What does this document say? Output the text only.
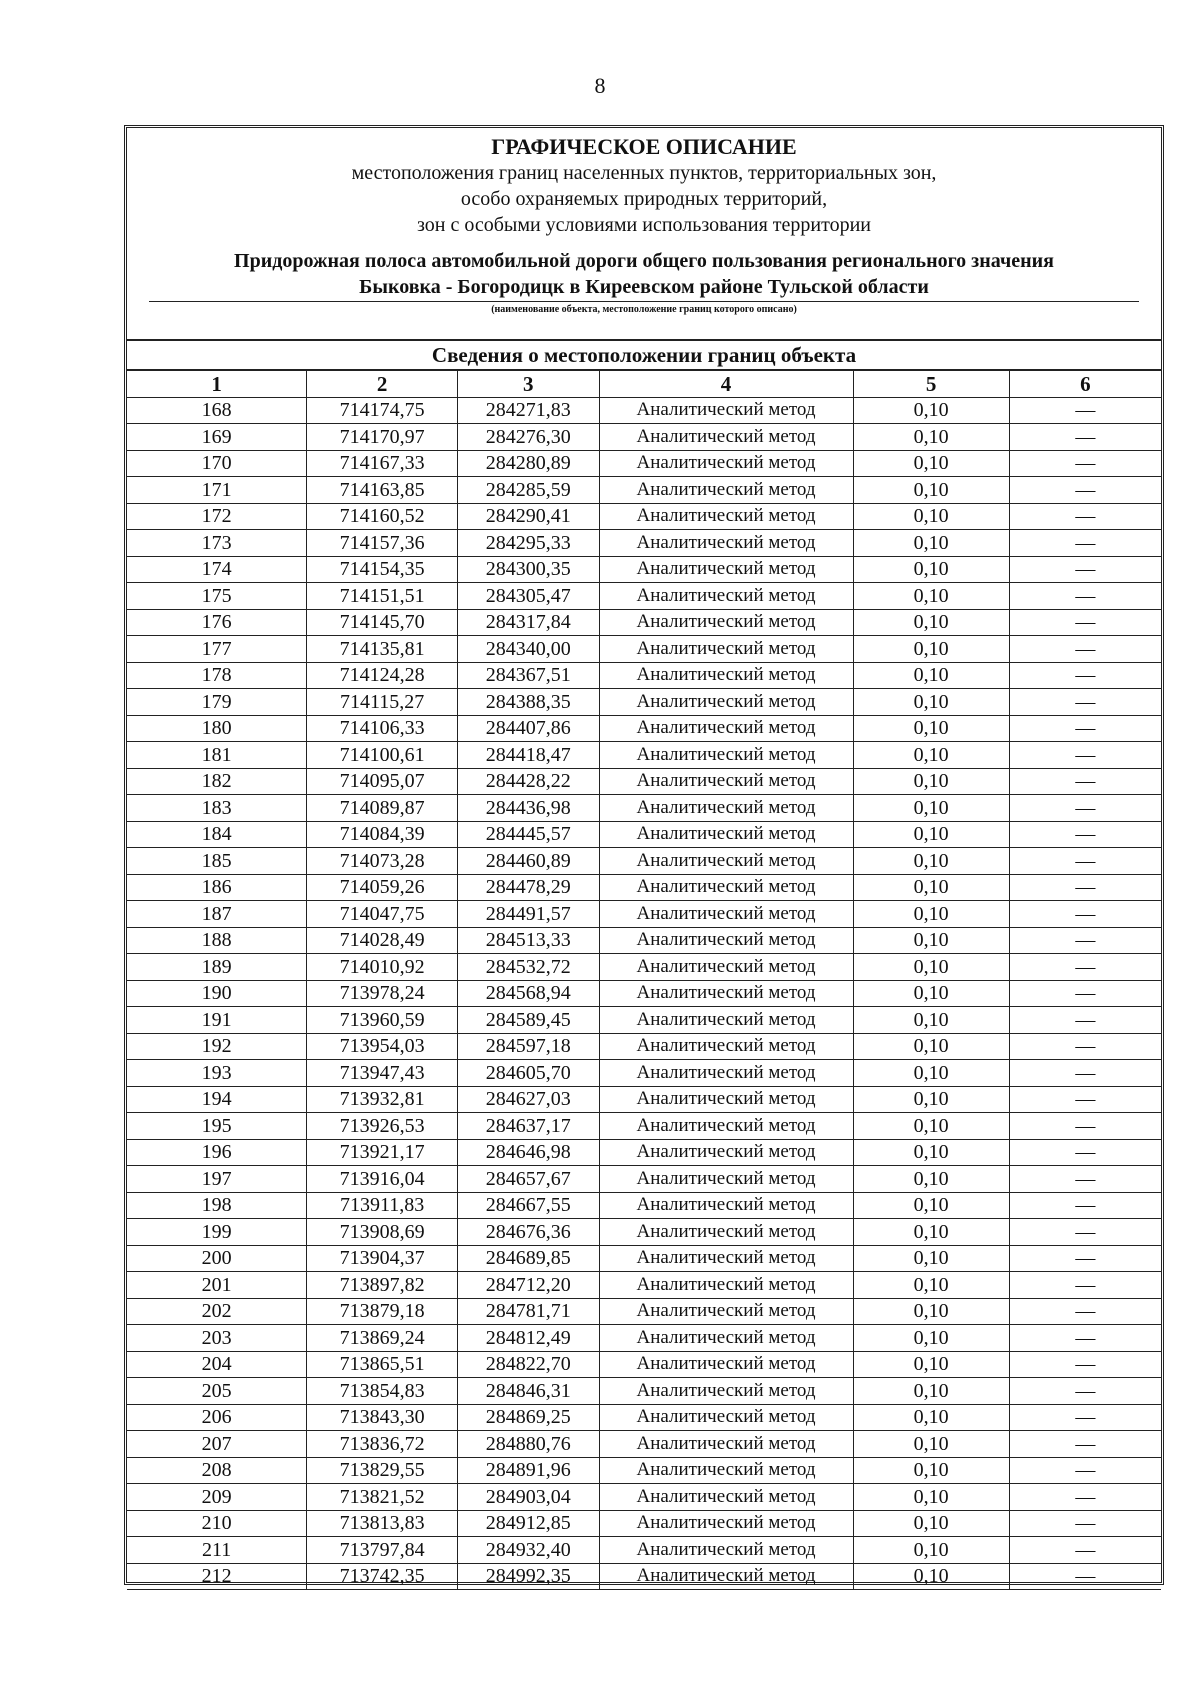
8
ГРАФИЧЕСКОЕ ОПИСАНИЕ
местоположения границ населенных пунктов, территориальных зон,
особо охраняемых природных территорий,
зон с особыми условиями использования территории
Придорожная полоса автомобильной дороги общего пользования регионального значения
Быковка - Богородицк в Киреевском районе Тульской области
(наименование объекта, местоположение границ которого описано)
Сведения о местоположении границ объекта
1	2	3	4	5	6
168	714174,75	284271,83	Аналитический метод	0,10	—
169	714170,97	284276,30	Аналитический метод	0,10	—
170	714167,33	284280,89	Аналитический метод	0,10	—
171	714163,85	284285,59	Аналитический метод	0,10	—
172	714160,52	284290,41	Аналитический метод	0,10	—
173	714157,36	284295,33	Аналитический метод	0,10	—
174	714154,35	284300,35	Аналитический метод	0,10	—
175	714151,51	284305,47	Аналитический метод	0,10	—
176	714145,70	284317,84	Аналитический метод	0,10	—
177	714135,81	284340,00	Аналитический метод	0,10	—
178	714124,28	284367,51	Аналитический метод	0,10	—
179	714115,27	284388,35	Аналитический метод	0,10	—
180	714106,33	284407,86	Аналитический метод	0,10	—
181	714100,61	284418,47	Аналитический метод	0,10	—
182	714095,07	284428,22	Аналитический метод	0,10	—
183	714089,87	284436,98	Аналитический метод	0,10	—
184	714084,39	284445,57	Аналитический метод	0,10	—
185	714073,28	284460,89	Аналитический метод	0,10	—
186	714059,26	284478,29	Аналитический метод	0,10	—
187	714047,75	284491,57	Аналитический метод	0,10	—
188	714028,49	284513,33	Аналитический метод	0,10	—
189	714010,92	284532,72	Аналитический метод	0,10	—
190	713978,24	284568,94	Аналитический метод	0,10	—
191	713960,59	284589,45	Аналитический метод	0,10	—
192	713954,03	284597,18	Аналитический метод	0,10	—
193	713947,43	284605,70	Аналитический метод	0,10	—
194	713932,81	284627,03	Аналитический метод	0,10	—
195	713926,53	284637,17	Аналитический метод	0,10	—
196	713921,17	284646,98	Аналитический метод	0,10	—
197	713916,04	284657,67	Аналитический метод	0,10	—
198	713911,83	284667,55	Аналитический метод	0,10	—
199	713908,69	284676,36	Аналитический метод	0,10	—
200	713904,37	284689,85	Аналитический метод	0,10	—
201	713897,82	284712,20	Аналитический метод	0,10	—
202	713879,18	284781,71	Аналитический метод	0,10	—
203	713869,24	284812,49	Аналитический метод	0,10	—
204	713865,51	284822,70	Аналитический метод	0,10	—
205	713854,83	284846,31	Аналитический метод	0,10	—
206	713843,30	284869,25	Аналитический метод	0,10	—
207	713836,72	284880,76	Аналитический метод	0,10	—
208	713829,55	284891,96	Аналитический метод	0,10	—
209	713821,52	284903,04	Аналитический метод	0,10	—
210	713813,83	284912,85	Аналитический метод	0,10	—
211	713797,84	284932,40	Аналитический метод	0,10	—
212	713742,35	284992,35	Аналитический метод	0,10	—
